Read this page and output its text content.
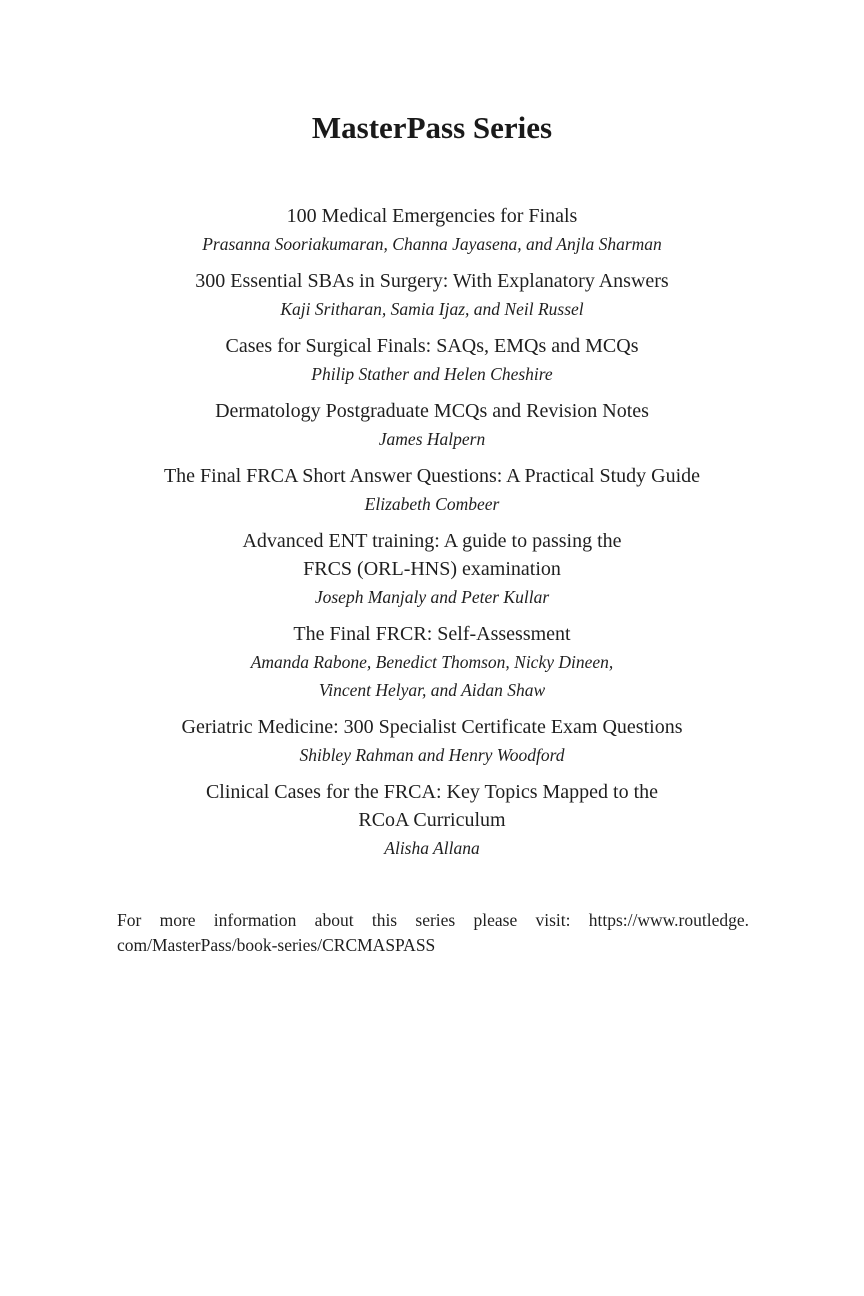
MasterPass Series
100 Medical Emergencies for Finals
Prasanna Sooriakumaran, Channa Jayasena, and Anjla Sharman
300 Essential SBAs in Surgery: With Explanatory Answers
Kaji Sritharan, Samia Ijaz, and Neil Russel
Cases for Surgical Finals: SAQs, EMQs and MCQs
Philip Stather and Helen Cheshire
Dermatology Postgraduate MCQs and Revision Notes
James Halpern
The Final FRCA Short Answer Questions: A Practical Study Guide
Elizabeth Combeer
Advanced ENT training: A guide to passing the
FRCS (ORL-HNS) examination
Joseph Manjaly and Peter Kullar
The Final FRCR: Self-Assessment
Amanda Rabone, Benedict Thomson, Nicky Dineen,
Vincent Helyar, and Aidan Shaw
Geriatric Medicine: 300 Specialist Certificate Exam Questions
Shibley Rahman and Henry Woodford
Clinical Cases for the FRCA: Key Topics Mapped to the
RCoA Curriculum
Alisha Allana

For more information about this series please visit: https://www.routledge.
com/MasterPass/book-series/CRCMASPASS
